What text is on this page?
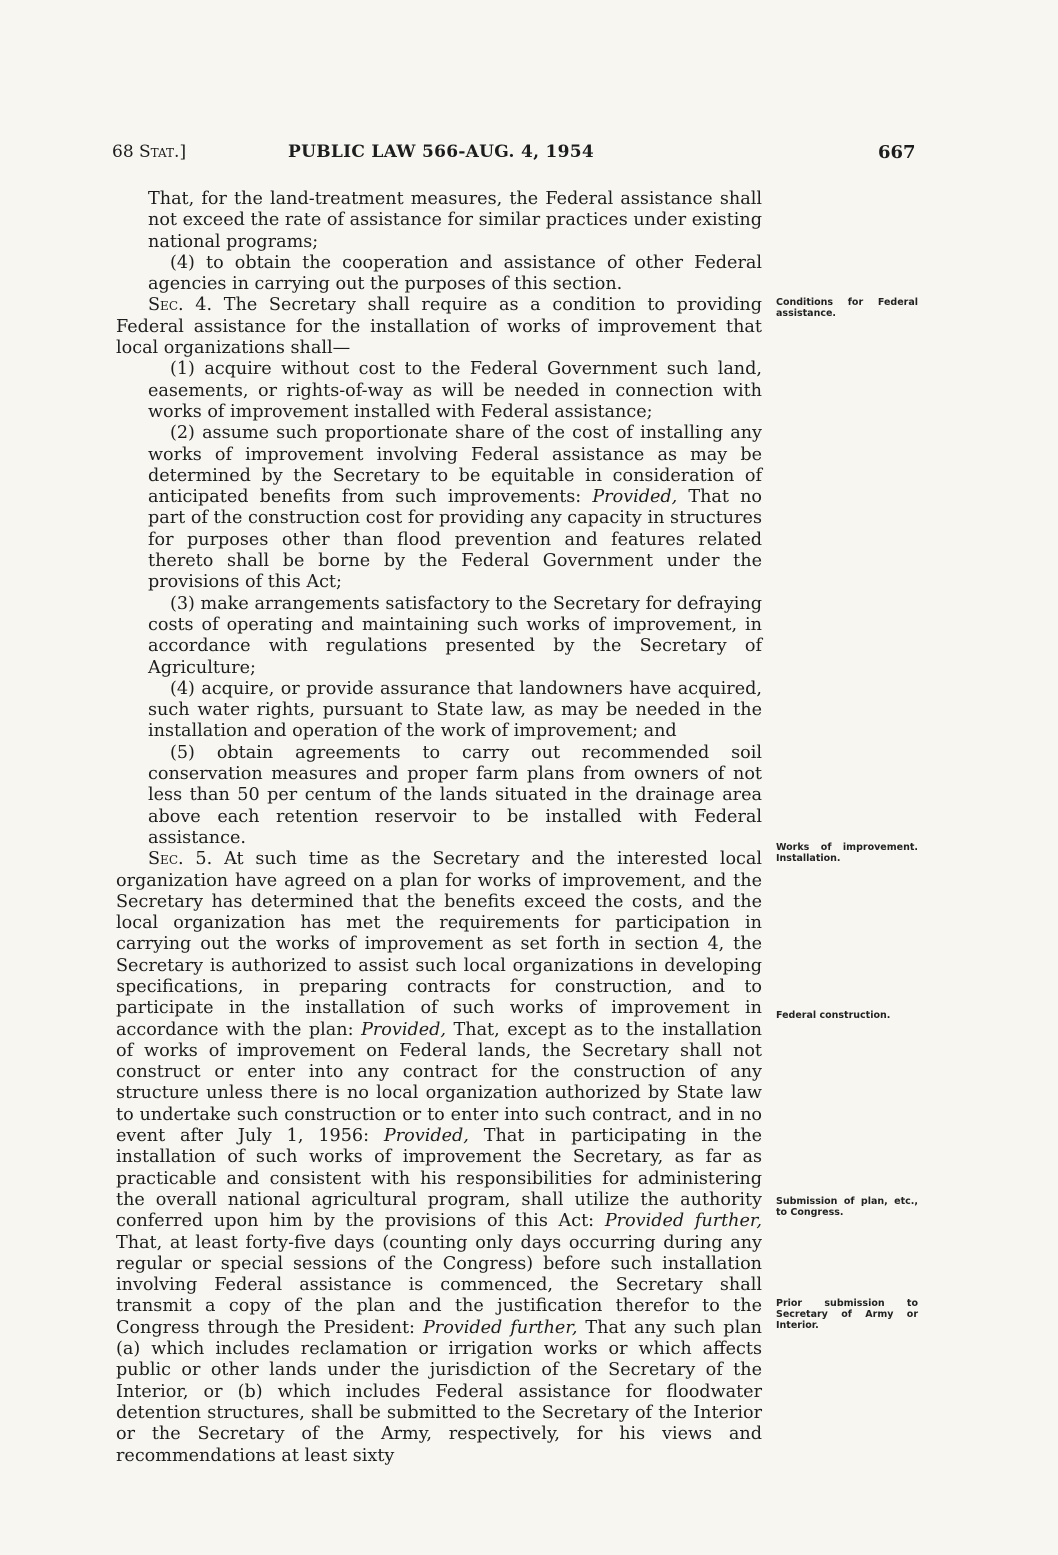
68 Stat.]	PUBLIC LAW 566-AUG. 4, 1954	667

That, for the land-treatment measures, the Federal assistance shall not exceed the rate of assistance for similar practices under existing national programs;

(4) to obtain the cooperation and assistance of other Federal agencies in carrying out the purposes of this section.

Sec. 4. The Secretary shall require as a condition to providing Federal assistance for the installation of works of improvement that local organizations shall—

(1) acquire without cost to the Federal Government such land, easements, or rights-of-way as will be needed in connection with works of improvement installed with Federal assistance;

(2) assume such proportionate share of the cost of installing any works of improvement involving Federal assistance as may be determined by the Secretary to be equitable in consideration of anticipated benefits from such improvements: Provided, That no part of the construction cost for providing any capacity in structures for purposes other than flood prevention and features related thereto shall be borne by the Federal Government under the provisions of this Act;

(3) make arrangements satisfactory to the Secretary for defraying costs of operating and maintaining such works of improvement, in accordance with regulations presented by the Secretary of Agriculture;

(4) acquire, or provide assurance that landowners have acquired, such water rights, pursuant to State law, as may be needed in the installation and operation of the work of improvement; and

(5) obtain agreements to carry out recommended soil conservation measures and proper farm plans from owners of not less than 50 per centum of the lands situated in the drainage area above each retention reservoir to be installed with Federal assistance.

Sec. 5. At such time as the Secretary and the interested local organization have agreed on a plan for works of improvement, and the Secretary has determined that the benefits exceed the costs, and the local organization has met the requirements for participation in carrying out the works of improvement as set forth in section 4, the Secretary is authorized to assist such local organizations in developing specifications, in preparing contracts for construction, and to participate in the installation of such works of improvement in accordance with the plan: Provided, That, except as to the installation of works of improvement on Federal lands, the Secretary shall not construct or enter into any contract for the construction of any structure unless there is no local organization authorized by State law to undertake such construction or to enter into such contract, and in no event after July 1, 1956: Provided, That in participating in the installation of such works of improvement the Secretary, as far as practicable and consistent with his responsibilities for administering the overall national agricultural program, shall utilize the authority conferred upon him by the provisions of this Act: Provided further, That, at least forty-five days (counting only days occurring during any regular or special sessions of the Congress) before such installation involving Federal assistance is commenced, the Secretary shall transmit a copy of the plan and the justification therefor to the Congress through the President: Provided further, That any such plan (a) which includes reclamation or irrigation works or which affects public or other lands under the jurisdiction of the Secretary of the Interior, or (b) which includes Federal assistance for floodwater detention structures, shall be submitted to the Secretary of the Interior or the Secretary of the Army, respectively, for his views and recommendations at least sixty

Conditions for Federal assistance.
Works of improvement. Installation.
Federal construction.
Submission of plan, etc., to Congress.
Prior submission to Secretary of Army or Interior.
